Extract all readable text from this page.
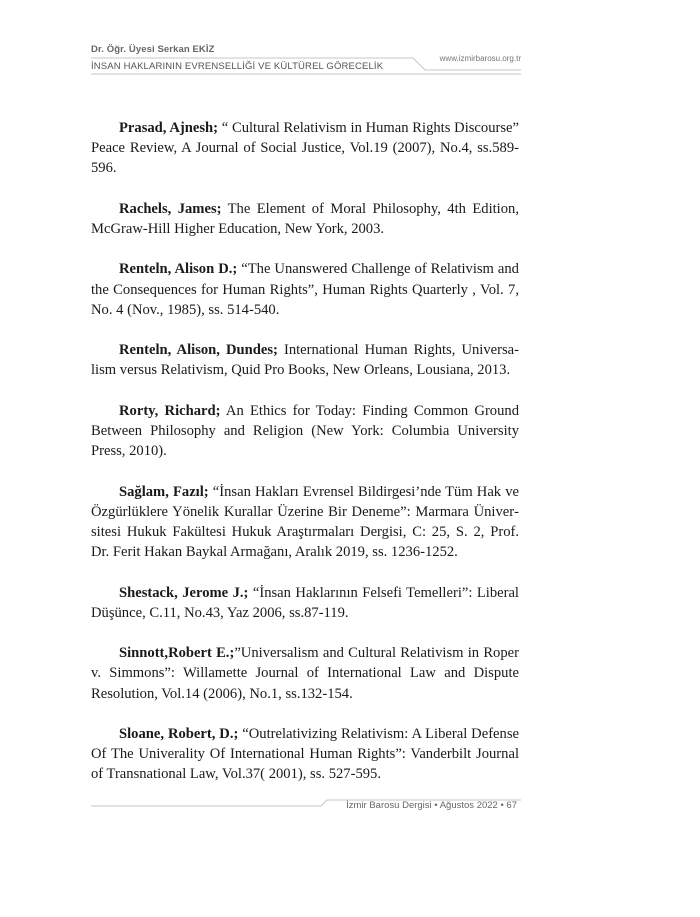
Dr. Öğr. Üyesi Serkan EKİZ
İNSAN HAKLARININ EVRENSELLİĞİ VE KÜLTÜREL GÖRECELİK
www.izmirbarosu.org.tr

Prasad, Ajnesh; “ Cultural Relativism in Human Rights Discourse” Peace Review, A Journal of Social Justice, Vol.19 (2007), No.4, ss.589-596.

Rachels, James; The Element of Moral Philosophy, 4th Edition, McGraw-Hill Higher Education, New York, 2003.

Renteln, Alison D.; “The Unanswered Challenge of Relativism and the Consequences for Human Rights”, Human Rights Quarterly , Vol. 7, No. 4 (Nov., 1985), ss. 514-540.

Renteln, Alison, Dundes; International Human Rights, Universalism versus Relativism, Quid Pro Books, New Orleans, Lousiana, 2013.

Rorty, Richard; An Ethics for Today: Finding Common Ground Between Philosophy and Religion (New York: Columbia University Press, 2010).

Sağlam, Fazıl; “İnsan Hakları Evrensel Bildirgesi’nde Tüm Hak ve Özgürlüklere Yönelik Kurallar Üzerine Bir Deneme”: Marmara Üniversitesi Hukuk Fakültesi Hukuk Araştırmaları Dergisi, C: 25, S. 2, Prof. Dr. Ferit Hakan Baykal Armağanı, Aralık 2019, ss. 1236-1252.

Shestack, Jerome J.; “İnsan Haklarının Felsefi Temelleri”: Liberal Düşünce, C.11, No.43, Yaz 2006, ss.87-119.

Sinnott,Robert E.;”Universalism and Cultural Relativism in Roper v. Simmons”: Willamette Journal of International Law and Dispute Resolution, Vol.14 (2006), No.1, ss.132-154.

Sloane, Robert, D.; “Outrelativizing Relativism: A Liberal Defense Of The Univerality Of International Human Rights”: Vanderbilt Journal of Transnational Law, Vol.37( 2001), ss. 527-595.

İzmir Barosu Dergisi • Ağustos 2022 • 67
